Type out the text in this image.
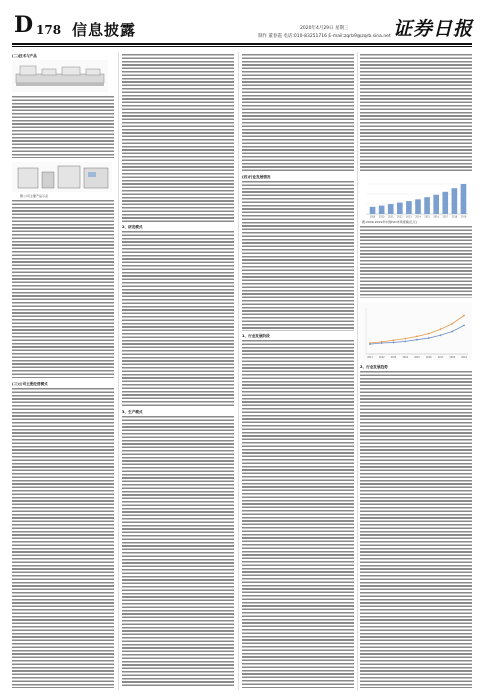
D 178 信息披露	2020年4月29日 星期三
制作 董春霞 电话:010-83251716 E-mail:zqrb9@zqrb.sina.net 证券日报
(二)技术与产品
图:公司主要产品示意
(三)公司主要经营模式
2、研发模式
3、生产模式
(四)行业发展情况
1、行业发展阶段
2009 2010 2011 2012 2013 2014 2015 2016 2017 2018 2019
图:2009-2019年中国IVD市场规模(亿元)
2011	2012	2013	2014	2015	2016	2017	2018	2019
2、行业发展趋势
